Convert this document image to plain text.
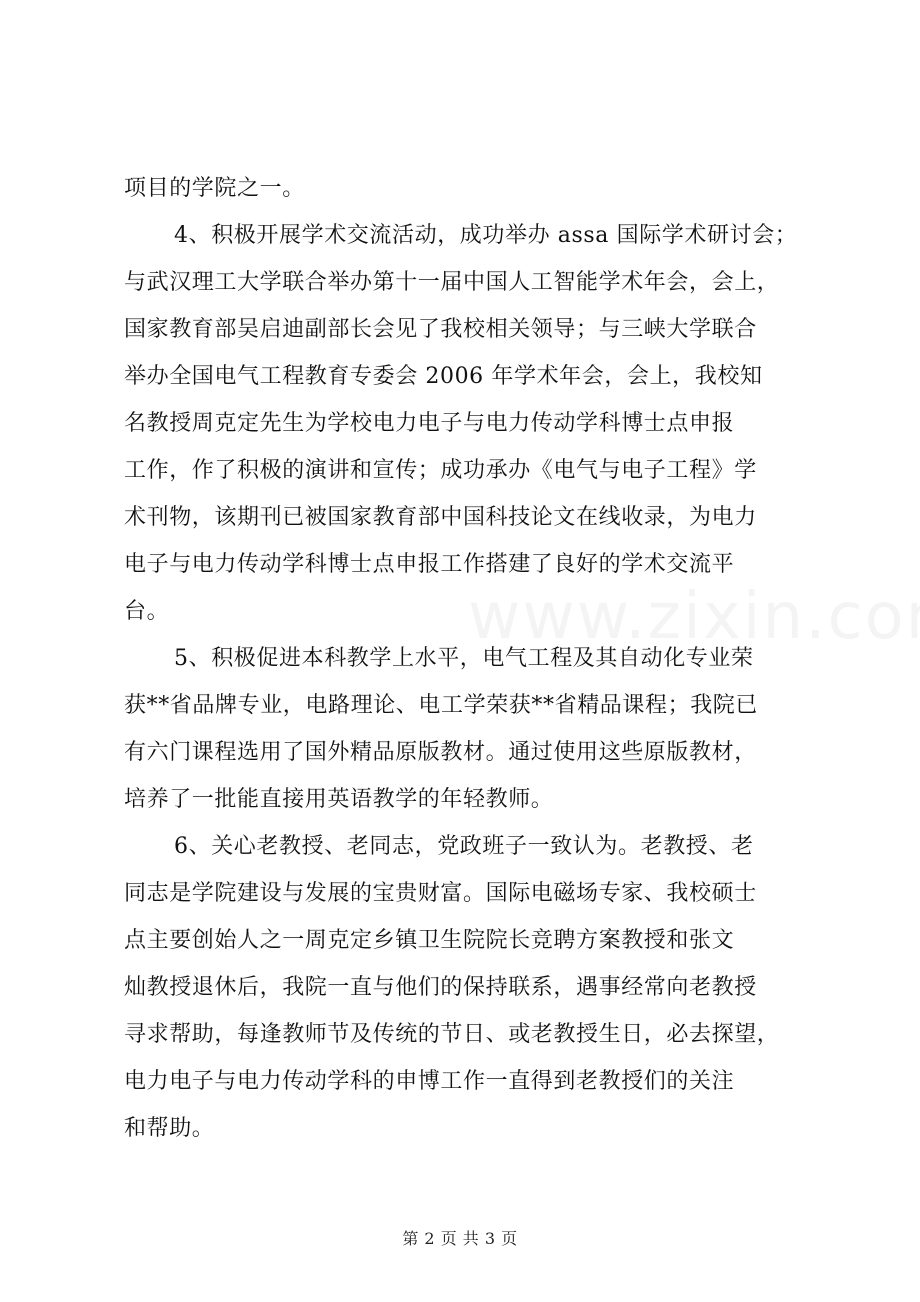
项目的学院之一。
4、积极开展学术交流活动，成功举办 assa 国际学术研讨会；
与武汉理工大学联合举办第十一届中国人工智能学术年会，会上，
国家教育部吴启迪副部长会见了我校相关领导；与三峡大学联合
举办全国电气工程教育专委会 2006 年学术年会，会上，我校知
名教授周克定先生为学校电力电子与电力传动学科博士点申报
工作，作了积极的演讲和宣传；成功承办《电气与电子工程》学
术刊物，该期刊已被国家教育部中国科技论文在线收录，为电力
电子与电力传动学科博士点申报工作搭建了良好的学术交流平
台。
5、积极促进本科教学上水平，电气工程及其自动化专业荣
获**省品牌专业，电路理论、电工学荣获**省精品课程；我院已
有六门课程选用了国外精品原版教材。通过使用这些原版教材，
培养了一批能直接用英语教学的年轻教师。
6、关心老教授、老同志，党政班子一致认为。老教授、老
同志是学院建设与发展的宝贵财富。国际电磁场专家、我校硕士
点主要创始人之一周克定乡镇卫生院院长竞聘方案教授和张文
灿教授退休后，我院一直与他们的保持联系，遇事经常向老教授
寻求帮助，每逢教师节及传统的节日、或老教授生日，必去探望，
电力电子与电力传动学科的申博工作一直得到老教授们的关注
和帮助。
第 2 页 共 3 页
